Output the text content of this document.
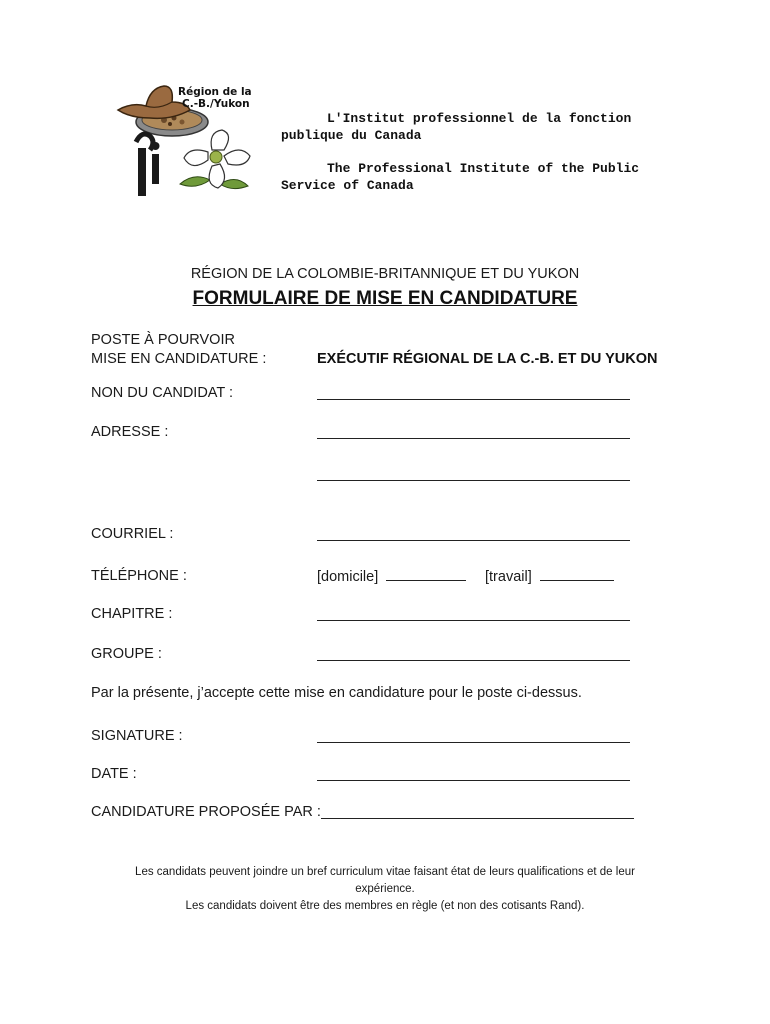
Région de la
C.-B./Yukon
L'Institut professionnel de la fonction
publique du Canada
The Professional Institute of the Public
Service of Canada
RÉGION DE LA COLOMBIE-BRITANNIQUE ET DU YUKON
FORMULAIRE DE MISE EN CANDIDATURE
POSTE À POURVOIR
MISE EN CANDIDATURE :	EXÉCUTIF RÉGIONAL DE LA C.-B. ET DU YUKON
NON DU CANDIDAT :
ADRESSE :
COURRIEL :
TÉLÉPHONE :	[domicile]	[travail]
CHAPITRE :
GROUPE :
Par la présente, j’accepte cette mise en candidature pour le poste ci-dessus.
SIGNATURE :
DATE :
CANDIDATURE PROPOSÉE PAR :
Les candidats peuvent joindre un bref curriculum vitae faisant état de leurs qualifications et de leur
expérience.
Les candidats doivent être des membres en règle (et non des cotisants Rand).
